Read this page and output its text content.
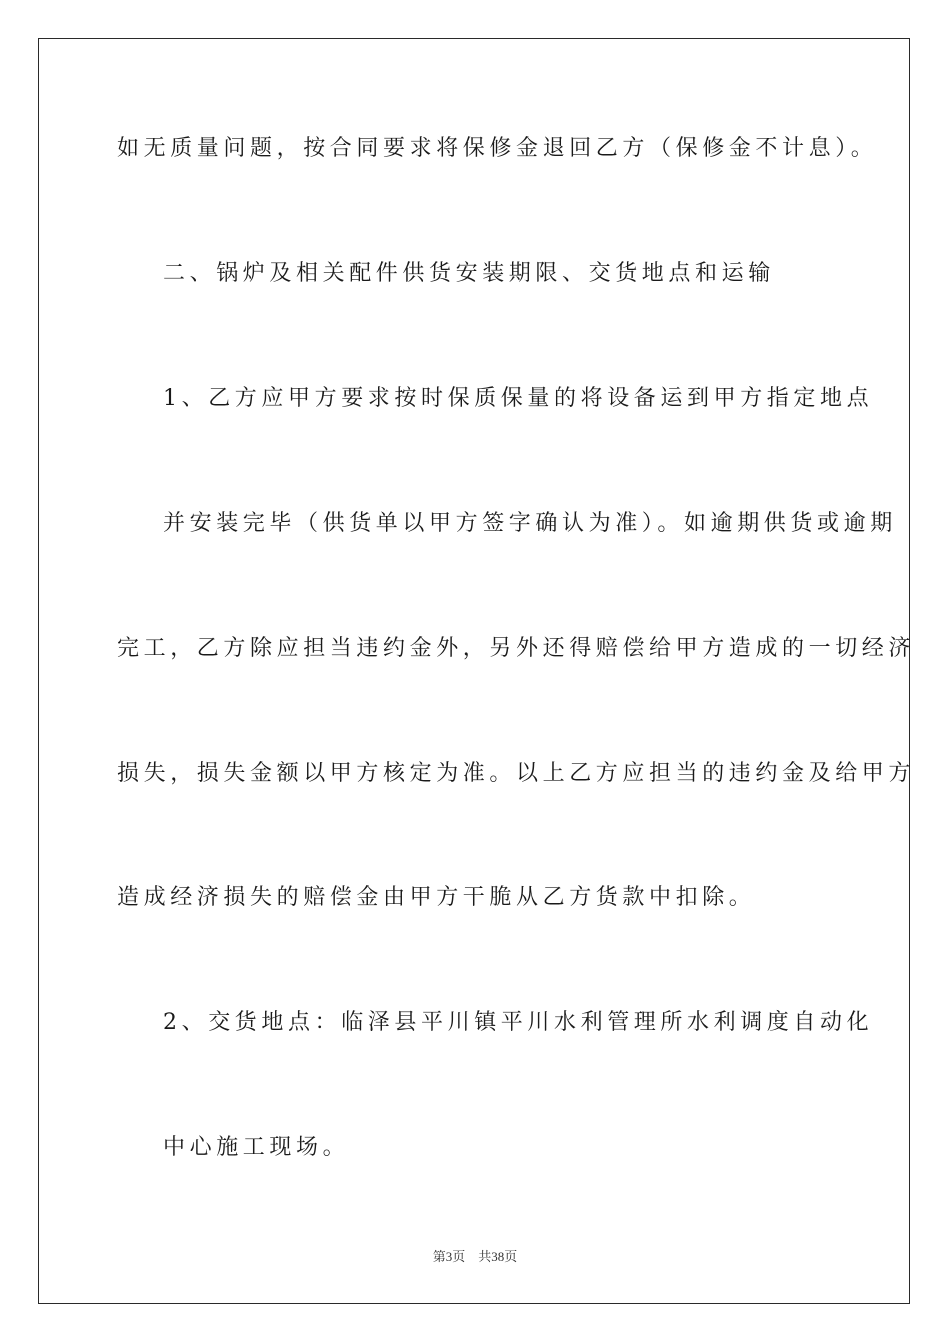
如无质量问题，按合同要求将保修金退回乙方（保修金不计息）。
二、锅炉及相关配件供货安装期限、交货地点和运输
1、乙方应甲方要求按时保质保量的将设备运到甲方指定地点
并安装完毕（供货单以甲方签字确认为准）。如逾期供货或逾期
完工，乙方除应担当违约金外，另外还得赔偿给甲方造成的一切经济
损失，损失金额以甲方核定为准。以上乙方应担当的违约金及给甲方
造成经济损失的赔偿金由甲方干脆从乙方货款中扣除。
2、交货地点：临泽县平川镇平川水利管理所水利调度自动化
中心施工现场。
第3页 共38页
